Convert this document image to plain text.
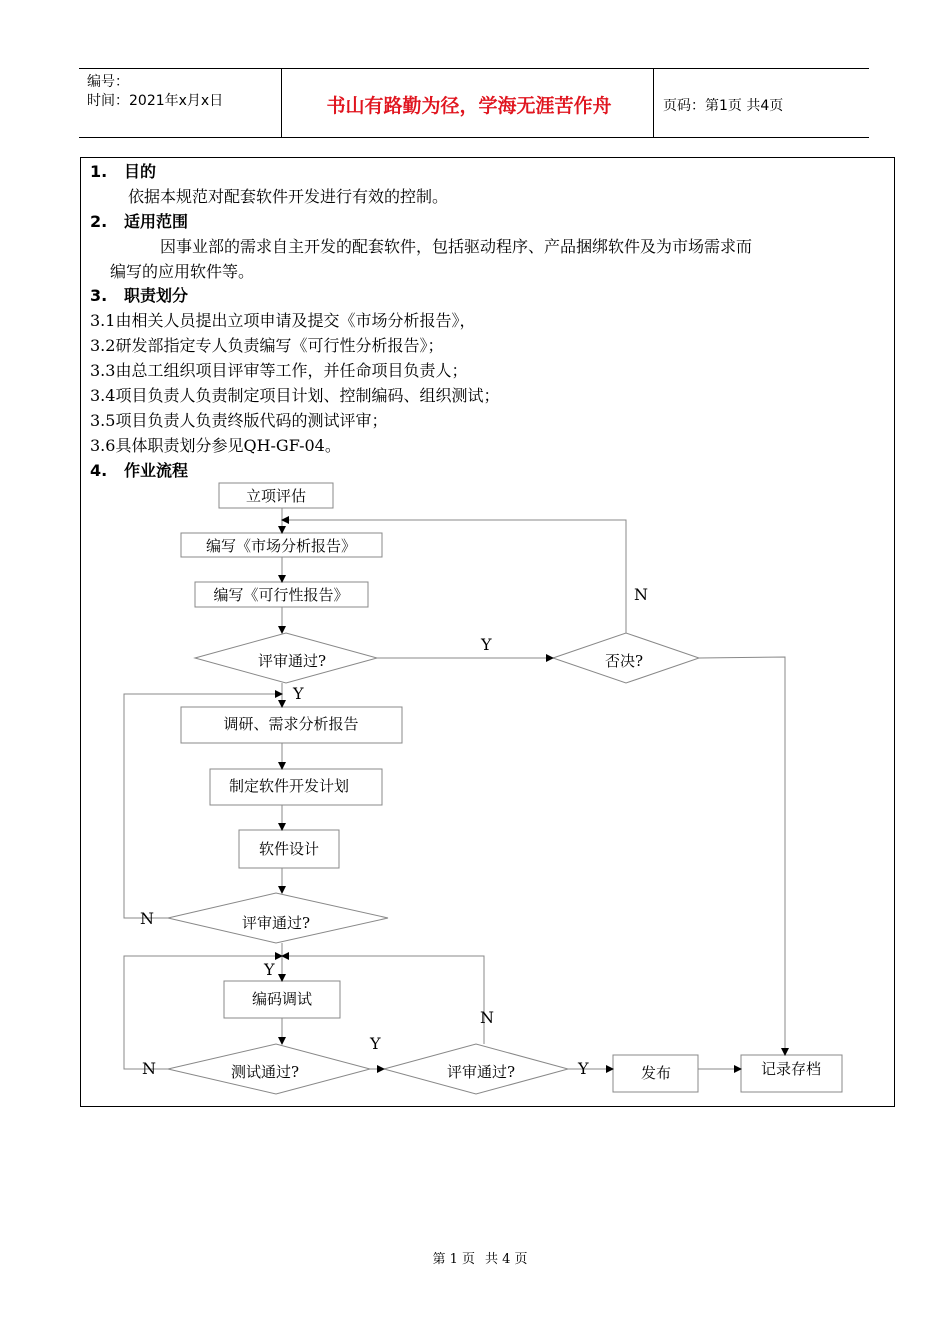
编号：
时间：2021年x月x日	书山有路勤为径，学海无涯苦作舟	页码：第1页 共4页
1. 目的
依据本规范对配套软件开发进行有效的控制。
2. 适用范围
因事业部的需求自主开发的配套软件，包括驱动程序、产品捆绑软件及为市场需求而
编写的应用软件等。
3. 职责划分
3.1由相关人员提出立项申请及提交《市场分析报告》，
3.2研发部指定专人负责编写《可行性分析报告》；
3.3由总工组织项目评审等工作，并任命项目负责人；
3.4项目负责人负责制定项目计划、控制编码、组织测试；
3.5项目负责人负责终版代码的测试评审；
3.6具体职责划分参见QH-GF-04。
4. 作业流程
立项评估
编写《市场分析报告》
编写《可行性报告》
评审通过?	否决?
调研、需求分析报告
制定软件开发计划
软件设计
评审通过?
编码调试
测试通过?	评审通过?	发布	记录存档
Y
N
Y
N
Y
N
Y
N	Y
第 1 页 共 4 页
